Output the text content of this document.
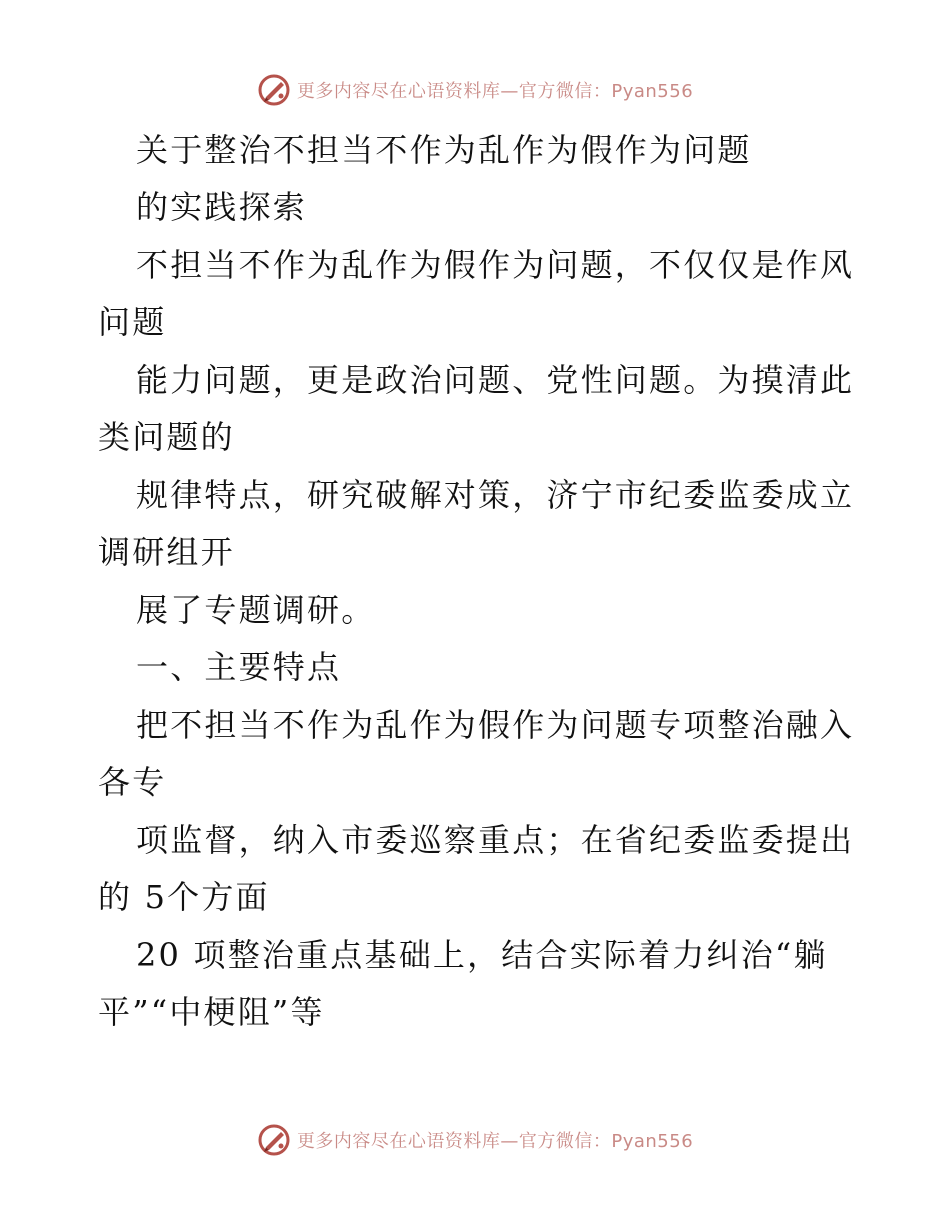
更多内容尽在心语资料库—官方微信：Pyan556
关于整治不担当不作为乱作为假作为问题
的实践探索
不担当不作为乱作为假作为问题，不仅仅是作风
问题
能力问题，更是政治问题、党性问题。为摸清此
类问题的
规律特点，研究破解对策，济宁市纪委监委成立
调研组开
展了专题调研。
一、主要特点
把不担当不作为乱作为假作为问题专项整治融入
各专
项监督，纳入市委巡察重点；在省纪委监委提出
的 5个方面
20 项整治重点基础上，结合实际着力纠治“躺
平”“中梗阻”等
更多内容尽在心语资料库—官方微信：Pyan556
